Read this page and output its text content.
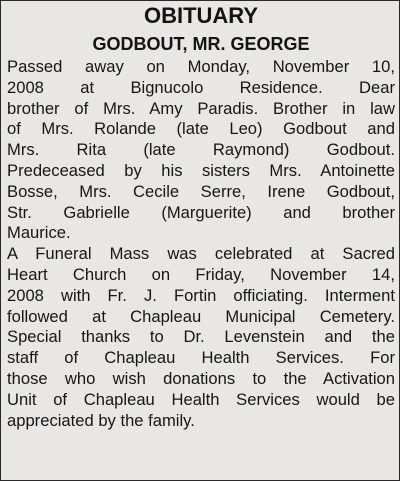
OBITUARY
GODBOUT, MR. GEORGE
Passed away on Monday, November 10,
2008 at Bignucolo Residence. Dear
brother of Mrs. Amy Paradis. Brother in law
of Mrs. Rolande (late Leo) Godbout and
Mrs. Rita (late Raymond) Godbout.
Predeceased by his sisters Mrs. Antoinette
Bosse, Mrs. Cecile Serre, Irene Godbout,
Str. Gabrielle (Marguerite) and brother
Maurice.
A Funeral Mass was celebrated at Sacred
Heart Church on Friday, November 14,
2008 with Fr. J. Fortin officiating. Interment
followed at Chapleau Municipal Cemetery.
Special thanks to Dr. Levenstein and the
staff of Chapleau Health Services. For
those who wish donations to the Activation
Unit of Chapleau Health Services would be
appreciated by the family.
